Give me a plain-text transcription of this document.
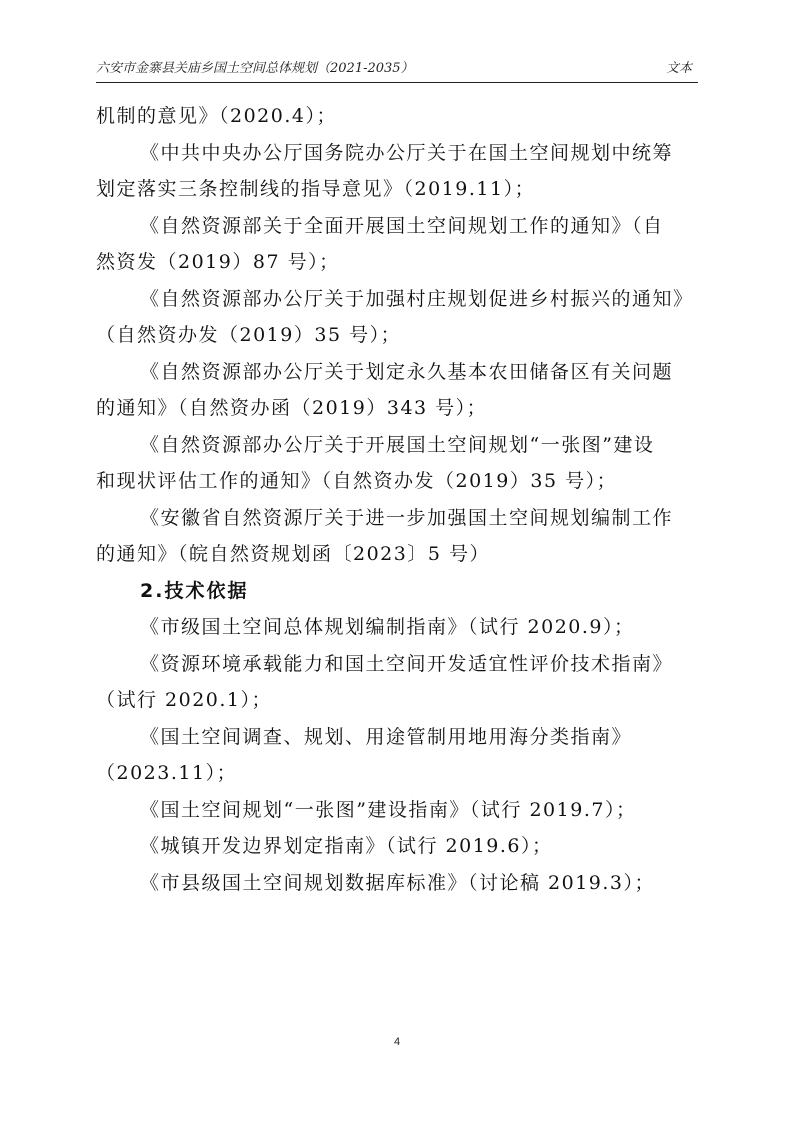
六安市金寨县关庙乡国土空间总体规划（2021-2035）	文本
机制的意见》（2020.4）；
《中共中央办公厅国务院办公厅关于在国土空间规划中统筹
划定落实三条控制线的指导意见》（2019.11）；
《自然资源部关于全面开展国土空间规划工作的通知》（自
然资发（2019）87 号）；
《自然资源部办公厅关于加强村庄规划促进乡村振兴的通知》
（自然资办发（2019）35 号）；
《自然资源部办公厅关于划定永久基本农田储备区有关问题
的通知》（自然资办函（2019）343 号）；
《自然资源部办公厅关于开展国土空间规划“一张图”建设
和现状评估工作的通知》（自然资办发（2019）35 号）；
《安徽省自然资源厅关于进一步加强国土空间规划编制工作
的通知》（皖自然资规划函〔2023〕5 号）
2.技术依据
《市级国土空间总体规划编制指南》（试行 2020.9）；
《资源环境承载能力和国土空间开发适宜性评价技术指南》
（试行 2020.1）；
《国土空间调查、规划、用途管制用地用海分类指南》
（2023.11）；
《国土空间规划“一张图”建设指南》（试行 2019.7）；
《城镇开发边界划定指南》（试行 2019.6）；
《市县级国土空间规划数据库标准》（讨论稿 2019.3）；
4
